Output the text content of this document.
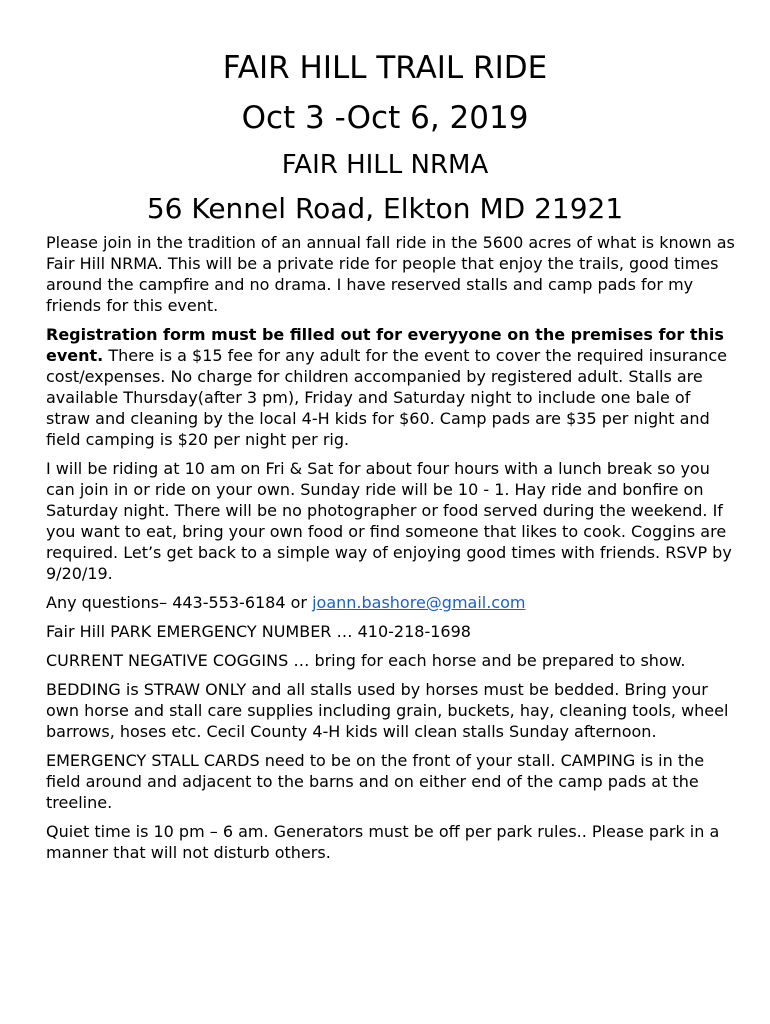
FAIR HILL TRAIL RIDE
Oct 3 -Oct 6, 2019
FAIR HILL NRMA
56 Kennel Road, Elkton MD 21921

Please join in the tradition of an annual fall ride in the 5600 acres of what is known as Fair Hill NRMA. This will be a private ride for people that enjoy the trails, good times around the campfire and no drama. I have reserved stalls and camp pads for my friends for this event.

Registration form must be filled out for everyyone on the premises for this event. There is a $15 fee for any adult for the event to cover the required insurance cost/expenses. No charge for children accompanied by registered adult. Stalls are available Thursday(after 3 pm), Friday and Saturday night to include one bale of straw and cleaning by the local 4-H kids for $60. Camp pads are $35 per night and field camping is $20 per night per rig.

I will be riding at 10 am on Fri & Sat for about four hours with a lunch break so you can join in or ride on your own. Sunday ride will be 10 - 1. Hay ride and bonfire on Saturday night. There will be no photographer or food served during the weekend. If you want to eat, bring your own food or find someone that likes to cook. Coggins are required. Let’s get back to a simple way of enjoying good times with friends. RSVP by 9/20/19.

Any questions– 443-553-6184 or joann.bashore@gmail.com

Fair Hill PARK EMERGENCY NUMBER … 410-218-1698

CURRENT NEGATIVE COGGINS … bring for each horse and be prepared to show.

BEDDING is STRAW ONLY and all stalls used by horses must be bedded. Bring your own horse and stall care supplies including grain, buckets, hay, cleaning tools, wheel barrows, hoses etc. Cecil County 4-H kids will clean stalls Sunday afternoon.

EMERGENCY STALL CARDS need to be on the front of your stall. CAMPING is in the field around and adjacent to the barns and on either end of the camp pads at the treeline.

Quiet time is 10 pm – 6 am. Generators must be off per park rules.. Please park in a manner that will not disturb others.
